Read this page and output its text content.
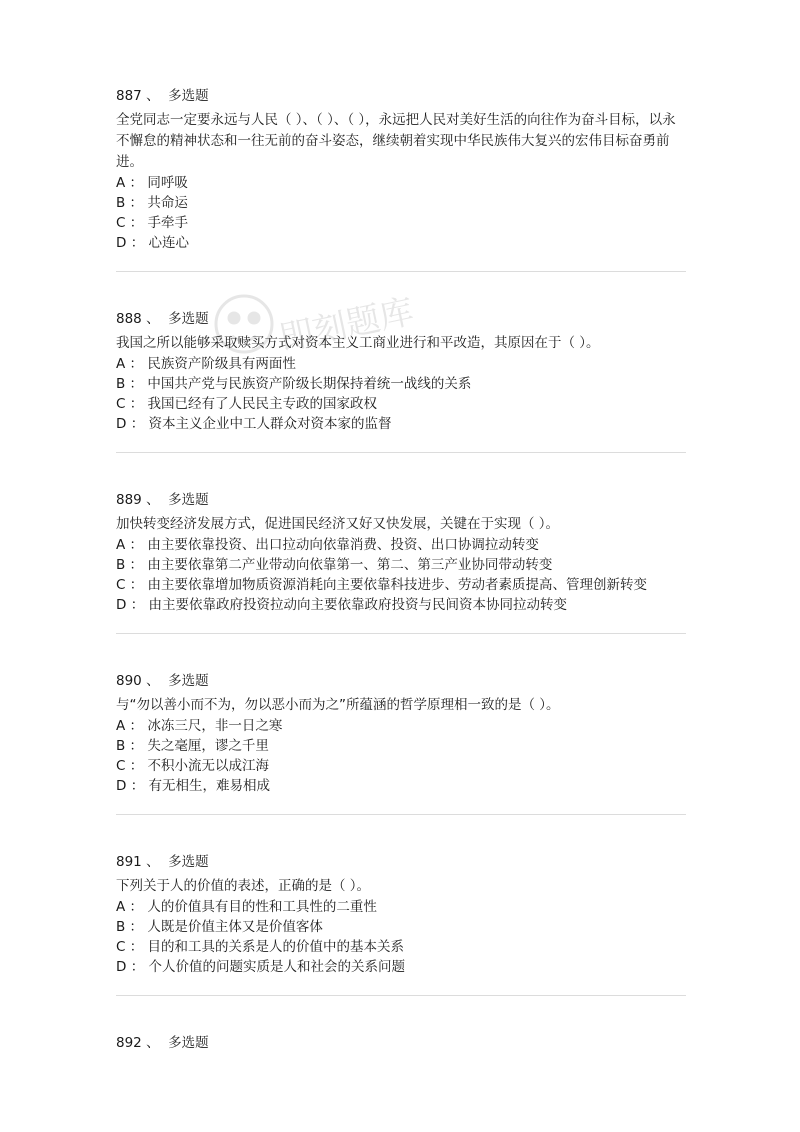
即刻题库
887 、 多选题
全党同志一定要永远与人民（ ）、（ ）、（ ），永远把人民对美好生活的向往作为奋斗目标，以永不懈怠的精神状态和一往无前的奋斗姿态，继续朝着实现中华民族伟大复兴的宏伟目标奋勇前进。
A ： 同呼吸
B ： 共命运
C ： 手牵手
D ： 心连心
888 、 多选题
我国之所以能够采取赎买方式对资本主义工商业进行和平改造，其原因在于（ ）。
A ： 民族资产阶级具有两面性
B ： 中国共产党与民族资产阶级长期保持着统一战线的关系
C ： 我国已经有了人民民主专政的国家政权
D ： 资本主义企业中工人群众对资本家的监督
889 、 多选题
加快转变经济发展方式，促进国民经济又好又快发展，关键在于实现（ ）。
A ： 由主要依靠投资、出口拉动向依靠消费、投资、出口协调拉动转变
B ： 由主要依靠第二产业带动向依靠第一、第二、第三产业协同带动转变
C ： 由主要依靠增加物质资源消耗向主要依靠科技进步、劳动者素质提高、管理创新转变
D ： 由主要依靠政府投资拉动向主要依靠政府投资与民间资本协同拉动转变
890 、 多选题
与“勿以善小而不为，勿以恶小而为之”所蕴涵的哲学原理相一致的是（ ）。
A ： 冰冻三尺，非一日之寒
B ： 失之毫厘，谬之千里
C ： 不积小流无以成江海
D ： 有无相生，难易相成
891 、 多选题
下列关于人的价值的表述，正确的是（ ）。
A ： 人的价值具有目的性和工具性的二重性
B ： 人既是价值主体又是价值客体
C ： 目的和工具的关系是人的价值中的基本关系
D ： 个人价值的问题实质是人和社会的关系问题
892 、 多选题
